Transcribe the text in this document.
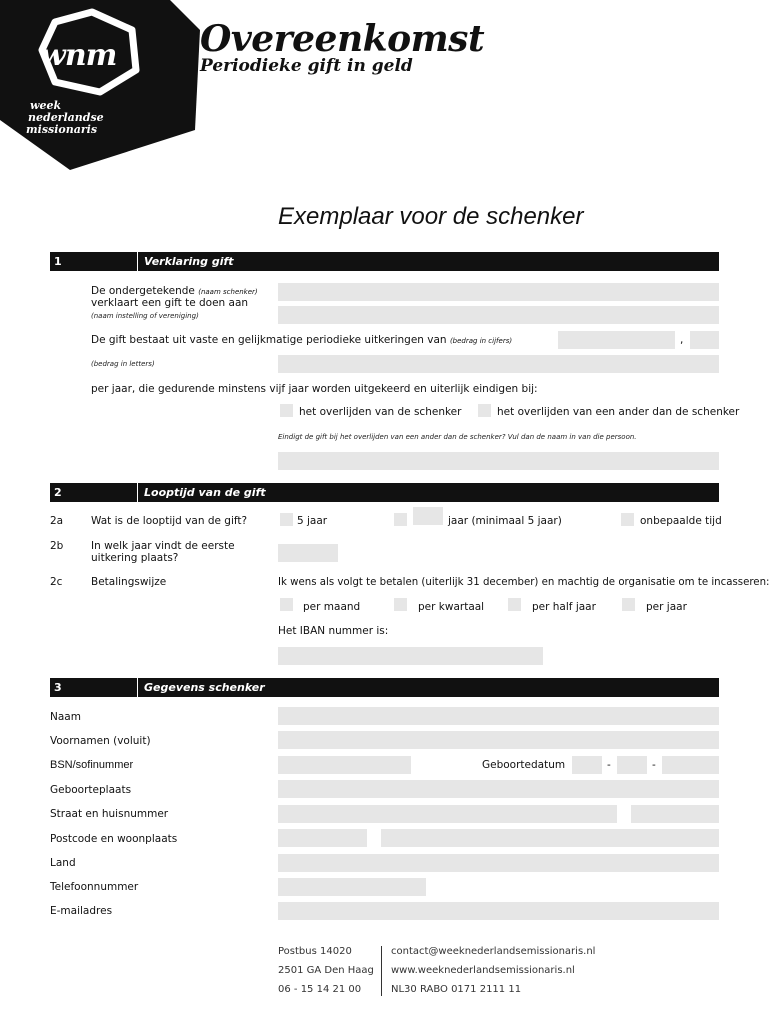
wnm
week
nederlandse
missionaris
Overeenkomst
Periodieke gift in geld
Exemplaar voor de schenker
1	Verklaring gift
De ondergetekende (naam schenker)
verklaart een gift te doen aan
(naam instelling of vereniging)
De gift bestaat uit vaste en gelijkmatige periodieke uitkeringen van (bedrag in cijfers)	,
(bedrag in letters)
per jaar, die gedurende minstens vijf jaar worden uitgekeerd en uiterlijk eindigen bij:
het overlijden van de schenker	het overlijden van een ander dan de schenker
Eindigt de gift bij het overlijden van een ander dan de schenker? Vul dan de naam in van die persoon.
2	Looptijd van de gift
2a	Wat is de looptijd van de gift?	5 jaar	jaar (minimaal 5 jaar)	onbepaalde tijd
2b	In welk jaar vindt de eerste
uitkering plaats?
2c	Betalingswijze	Ik wens als volgt te betalen (uiterlijk 31 december) en machtig de organisatie om te incasseren:
per maand	per kwartaal	per half jaar	per jaar
Het IBAN nummer is:
3	Gegevens schenker
Naam
Voornamen (voluit)
BSN/sofinummer	Geboortedatum	-	-
Geboorteplaats
Straat en huisnummer
Postcode en woonplaats
Land
Telefoonnummer
E-mailadres
Postbus 14020
2501 GA Den Haag
06 - 15 14 21 00
contact@weeknederlandsemissionaris.nl
www.weeknederlandsemissionaris.nl
NL30 RABO 0171 2111 11
